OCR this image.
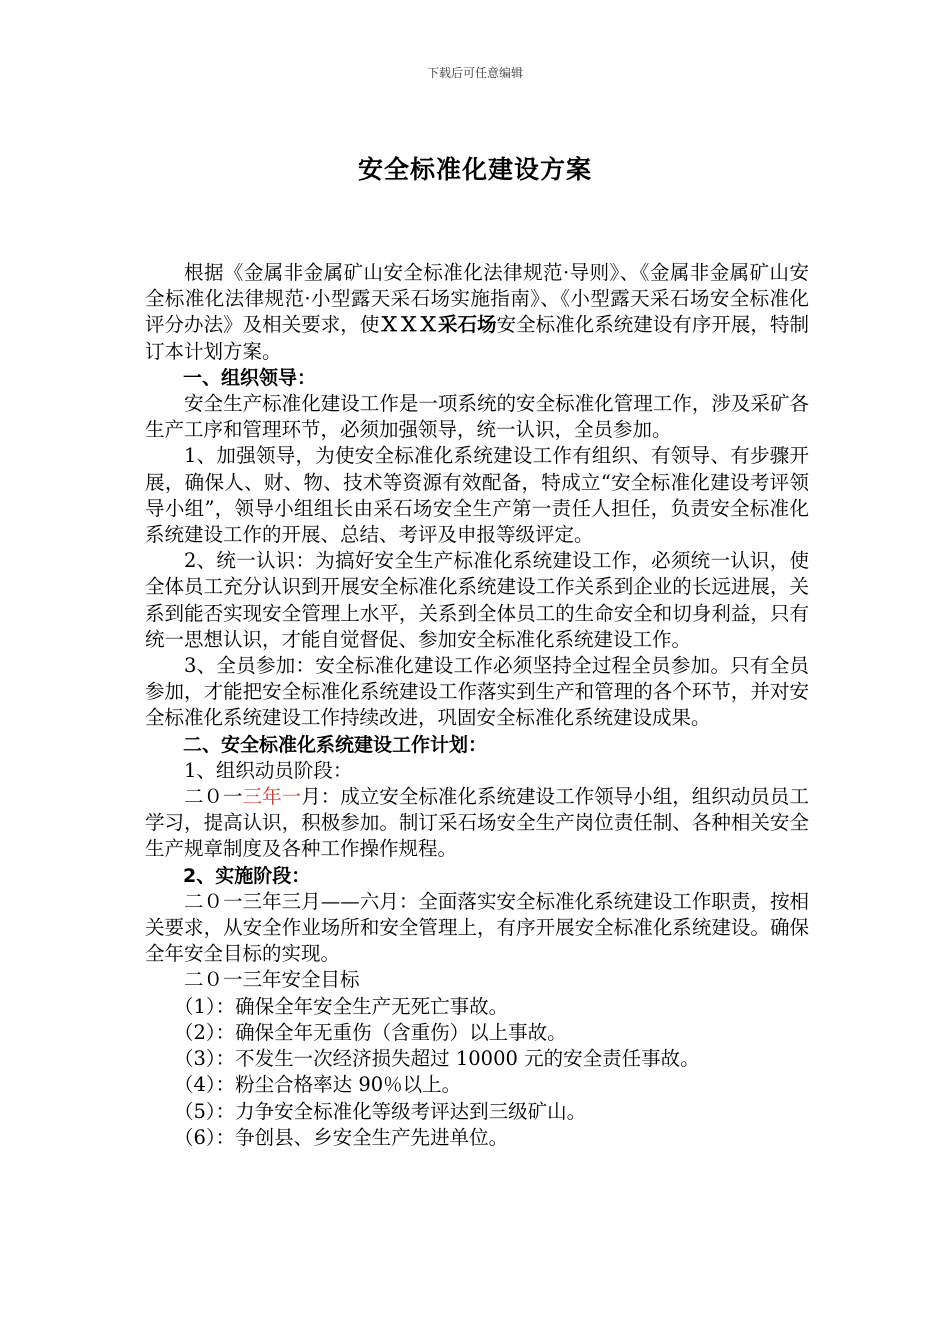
下载后可任意编辑
安全标准化建设方案

根据《金属非金属矿山安全标准化法律规范·导则》、《金属非金属矿山安全标准化法律规范·小型露天采石场实施指南》、《小型露天采石场安全标准化评分办法》及相关要求，使ＸＸＸ采石场安全标准化系统建设有序开展，特制订本计划方案。

一、组织领导：

安全生产标准化建设工作是一项系统的安全标准化管理工作，涉及采矿各生产工序和管理环节，必须加强领导，统一认识，全员参加。

1、加强领导，为使安全标准化系统建设工作有组织、有领导、有步骤开展，确保人、财、物、技术等资源有效配备，特成立“安全标准化建设考评领导小组”，领导小组组长由采石场安全生产第一责任人担任，负责安全标准化系统建设工作的开展、总结、考评及申报等级评定。

2、统一认识：为搞好安全生产标准化系统建设工作，必须统一认识，使全体员工充分认识到开展安全标准化系统建设工作关系到企业的长远进展，关系到能否实现安全管理上水平，关系到全体员工的生命安全和切身利益，只有统一思想认识，才能自觉督促、参加安全标准化系统建设工作。

3、全员参加：安全标准化建设工作必须坚持全过程全员参加。只有全员参加，才能把安全标准化系统建设工作落实到生产和管理的各个环节，并对安全标准化系统建设工作持续改进，巩固安全标准化系统建设成果。

二、安全标准化系统建设工作计划：

1、组织动员阶段：

二０一三年一月：成立安全标准化系统建设工作领导小组，组织动员员工学习，提高认识，积极参加。制订采石场安全生产岗位责任制、各种相关安全生产规章制度及各种工作操作规程。

2、实施阶段：

二０一三年三月——六月：全面落实安全标准化系统建设工作职责，按相关要求，从安全作业场所和安全管理上，有序开展安全标准化系统建设。确保全年安全目标的实现。

二０一三年安全目标

（1）：确保全年安全生产无死亡事故。

（2）：确保全年无重伤（含重伤）以上事故。

（3）：不发生一次经济损失超过 10000 元的安全责任事故。

（4）：粉尘合格率达 90％以上。

（5）：力争安全标准化等级考评达到三级矿山。

（6）：争创县、乡安全生产先进单位。
